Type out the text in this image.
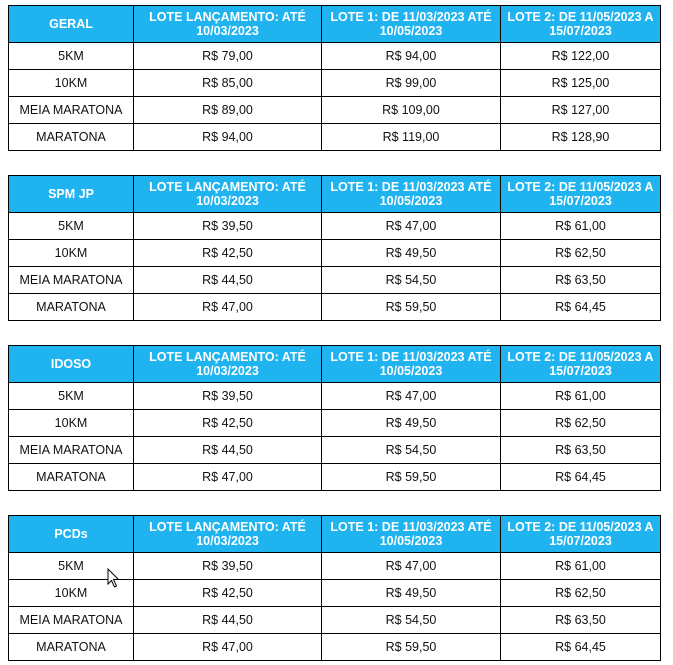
GERAL	LOTE LANÇAMENTO: ATÉ 10/03/2023	LOTE 1: DE 11/03/2023 ATÉ 10/05/2023	LOTE 2: DE 11/05/2023 A 15/07/2023
5KM	R$ 79,00	R$ 94,00	R$ 122,00
10KM	R$ 85,00	R$ 99,00	R$ 125,00
MEIA MARATONA	R$ 89,00	R$ 109,00	R$ 127,00
MARATONA	R$ 94,00	R$ 119,00	R$ 128,90
SPM JP	LOTE LANÇAMENTO: ATÉ 10/03/2023	LOTE 1: DE 11/03/2023 ATÉ 10/05/2023	LOTE 2: DE 11/05/2023 A 15/07/2023
5KM	R$ 39,50	R$ 47,00	R$ 61,00
10KM	R$ 42,50	R$ 49,50	R$ 62,50
MEIA MARATONA	R$ 44,50	R$ 54,50	R$ 63,50
MARATONA	R$ 47,00	R$ 59,50	R$ 64,45
IDOSO	LOTE LANÇAMENTO: ATÉ 10/03/2023	LOTE 1: DE 11/03/2023 ATÉ 10/05/2023	LOTE 2: DE 11/05/2023 A 15/07/2023
5KM	R$ 39,50	R$ 47,00	R$ 61,00
10KM	R$ 42,50	R$ 49,50	R$ 62,50
MEIA MARATONA	R$ 44,50	R$ 54,50	R$ 63,50
MARATONA	R$ 47,00	R$ 59,50	R$ 64,45
PCDs	LOTE LANÇAMENTO: ATÉ 10/03/2023	LOTE 1: DE 11/03/2023 ATÉ 10/05/2023	LOTE 2: DE 11/05/2023 A 15/07/2023
5KM	R$ 39,50	R$ 47,00	R$ 61,00
10KM	R$ 42,50	R$ 49,50	R$ 62,50
MEIA MARATONA	R$ 44,50	R$ 54,50	R$ 63,50
MARATONA	R$ 47,00	R$ 59,50	R$ 64,45
